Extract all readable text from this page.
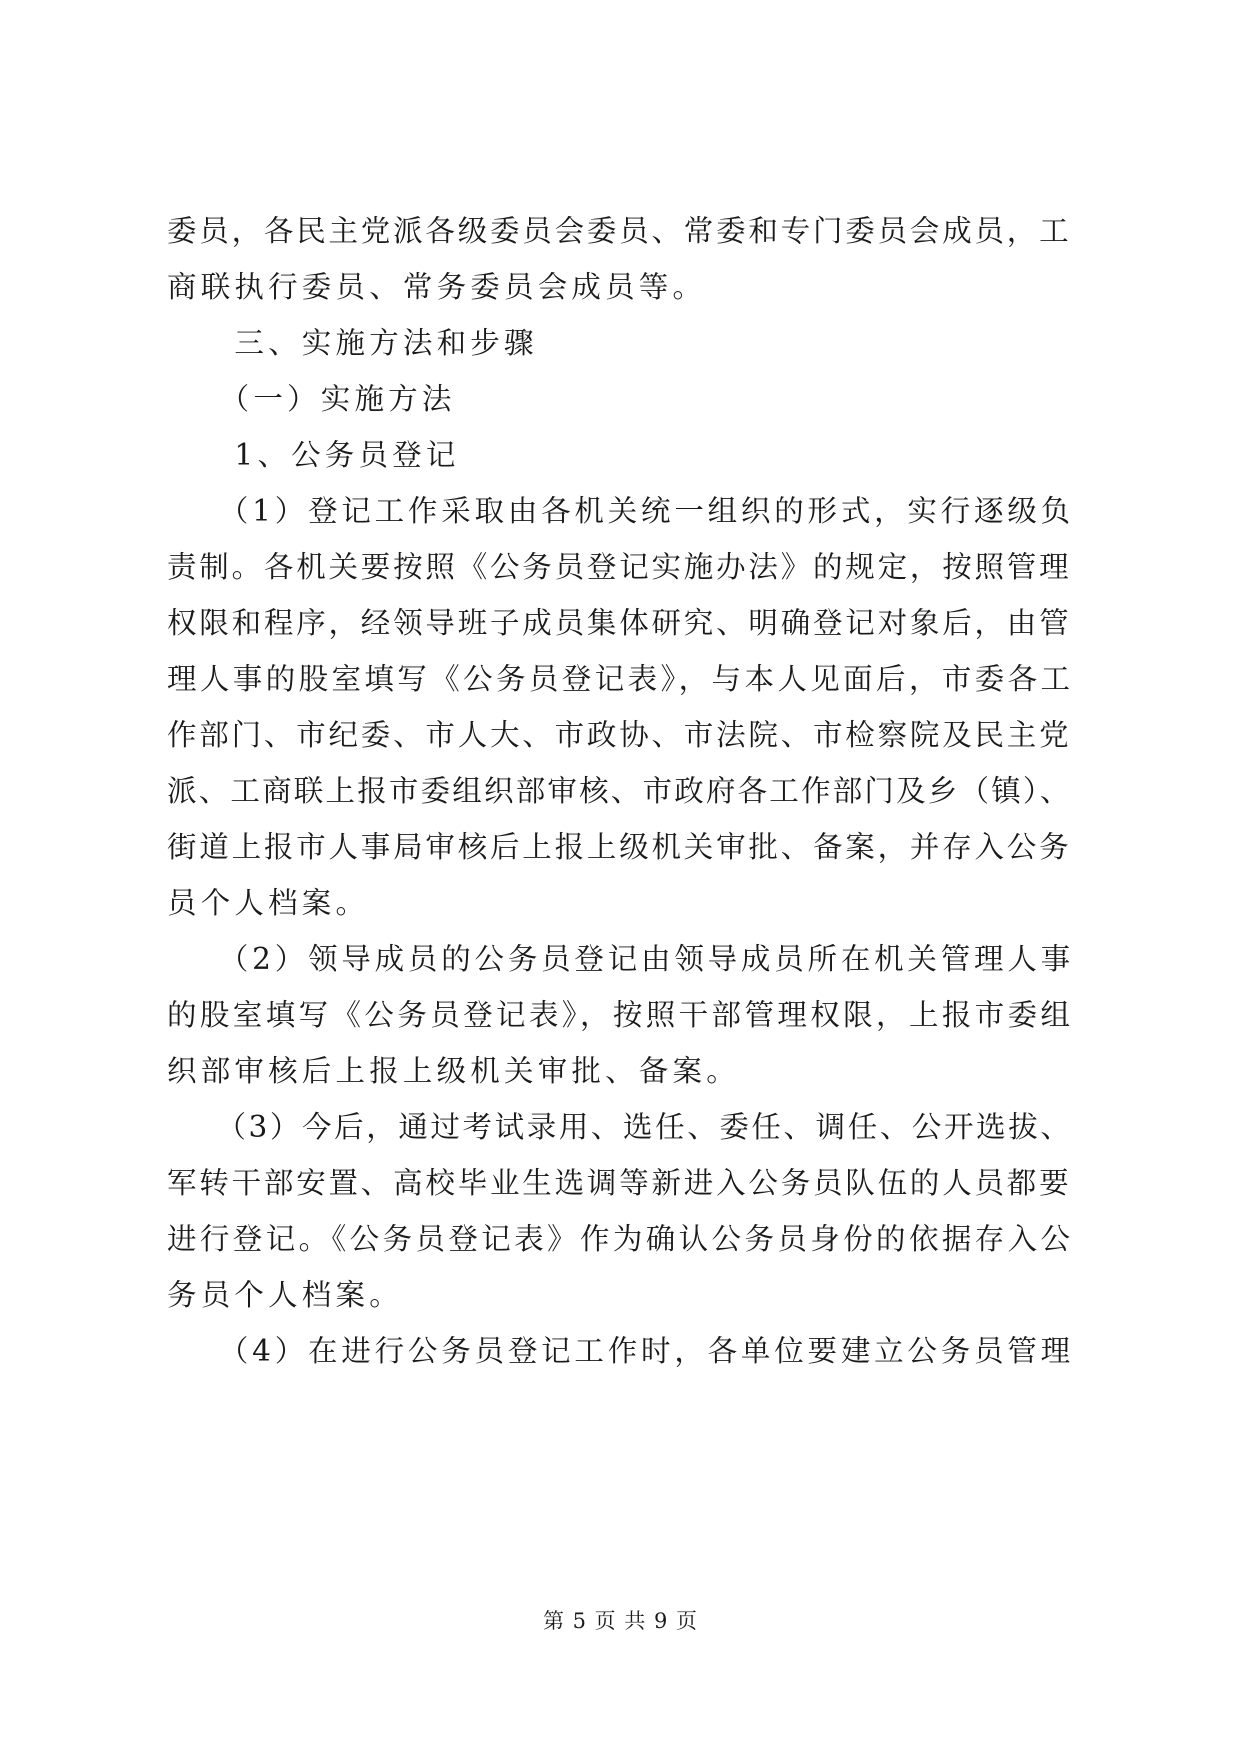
委员，各民主党派各级委员会委员、常委和专门委员会成员，工
商联执行委员、常务委员会成员等。
　　三、实施方法和步骤
　　（一）实施方法
　　1、公务员登记
　　（1）登记工作采取由各机关统一组织的形式，实行逐级负
责制。各机关要按照《公务员登记实施办法》的规定，按照管理
权限和程序，经领导班子成员集体研究、明确登记对象后，由管
理人事的股室填写《公务员登记表》，与本人见面后，市委各工
作部门、市纪委、市人大、市政协、市法院、市检察院及民主党
派、工商联上报市委组织部审核、市政府各工作部门及乡（镇）、
街道上报市人事局审核后上报上级机关审批、备案，并存入公务
员个人档案。
　　（2）领导成员的公务员登记由领导成员所在机关管理人事
的股室填写《公务员登记表》，按照干部管理权限，上报市委组
织部审核后上报上级机关审批、备案。
　　（3）今后，通过考试录用、选任、委任、调任、公开选拔、
军转干部安置、高校毕业生选调等新进入公务员队伍的人员都要
进行登记。《公务员登记表》作为确认公务员身份的依据存入公
务员个人档案。
　　（4）在进行公务员登记工作时，各单位要建立公务员管理
第 5 页 共 9 页
